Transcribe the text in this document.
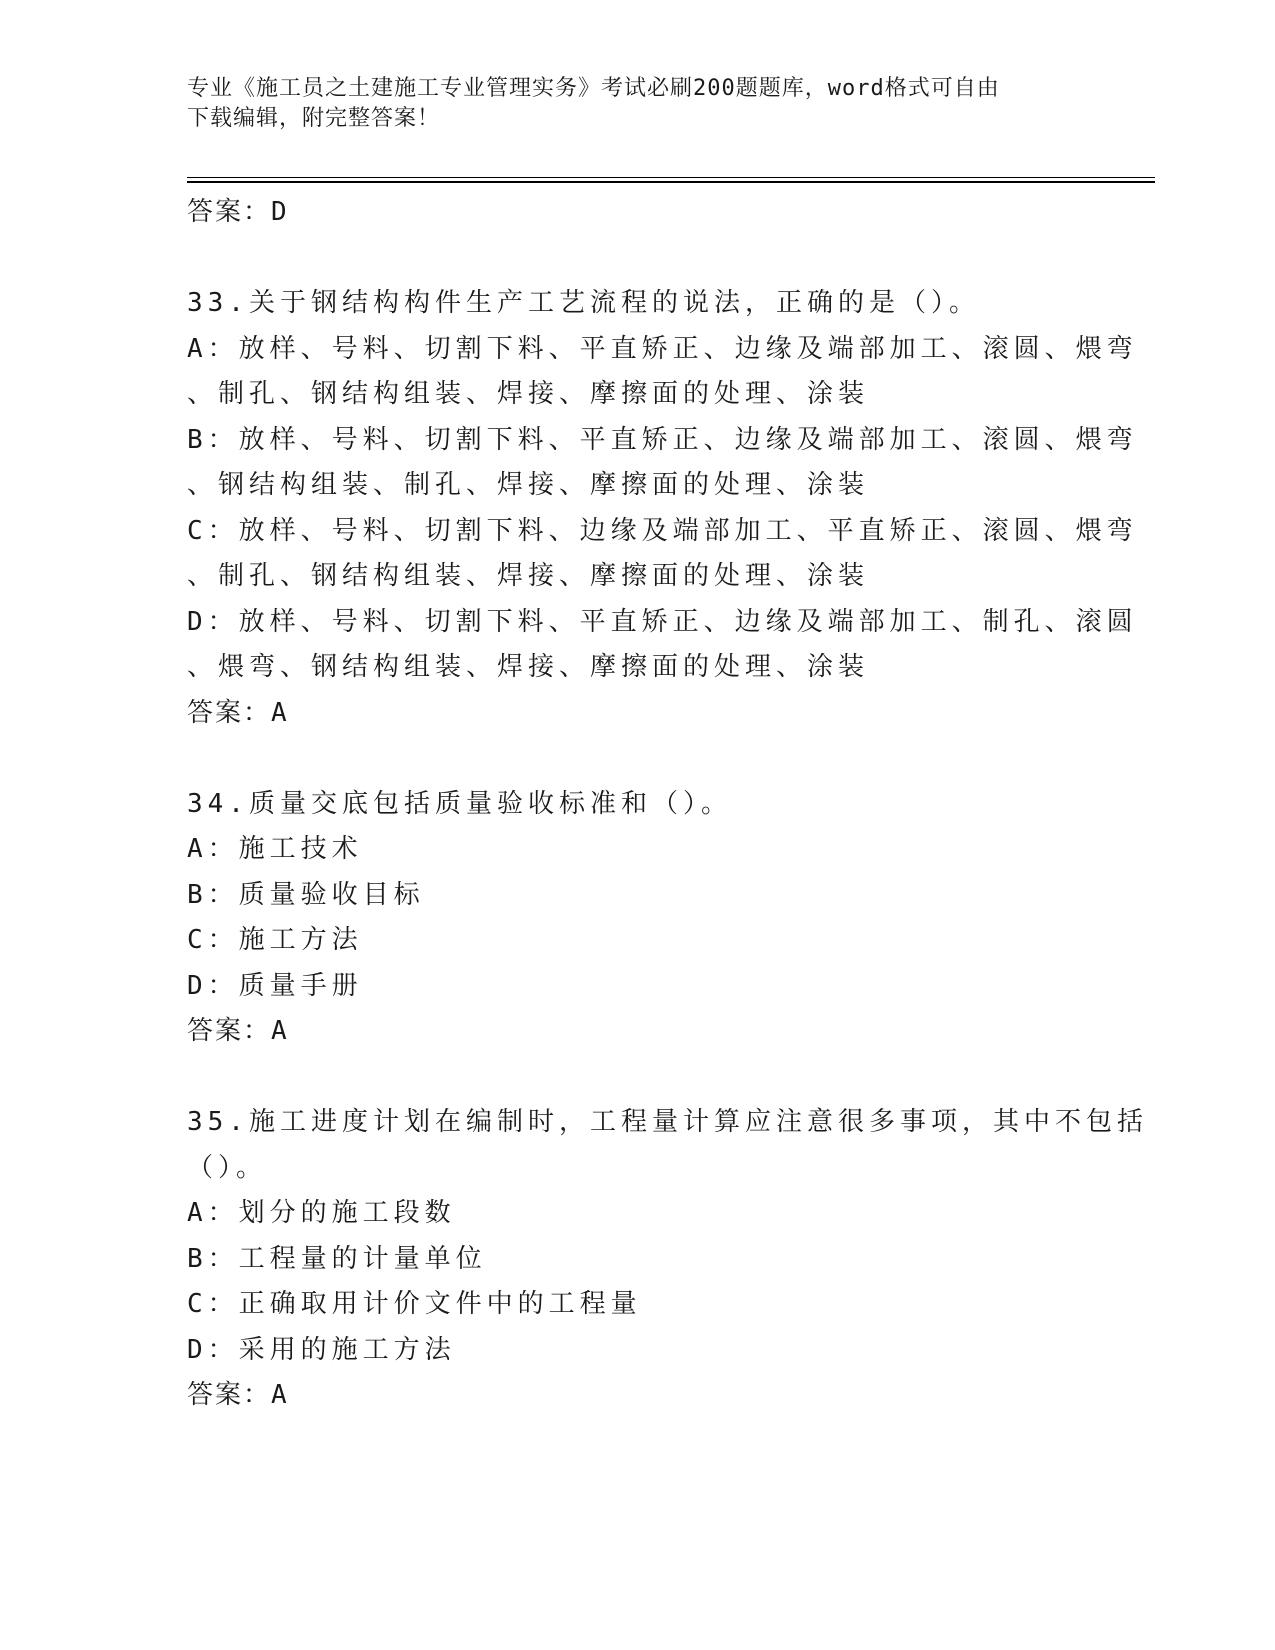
专业《施工员之土建施工专业管理实务》考试必刷200题题库，word格式可自由
下载编辑，附完整答案！
答案：D
33.关于钢结构构件生产工艺流程的说法，正确的是（）。
A：放样、号料、切割下料、平直矫正、边缘及端部加工、滚圆、煨弯
、制孔、钢结构组装、焊接、摩擦面的处理、涂装
B：放样、号料、切割下料、平直矫正、边缘及端部加工、滚圆、煨弯
、钢结构组装、制孔、焊接、摩擦面的处理、涂装
C：放样、号料、切割下料、边缘及端部加工、平直矫正、滚圆、煨弯
、制孔、钢结构组装、焊接、摩擦面的处理、涂装
D：放样、号料、切割下料、平直矫正、边缘及端部加工、制孔、滚圆
、煨弯、钢结构组装、焊接、摩擦面的处理、涂装
答案：A
34.质量交底包括质量验收标准和（）。
A：施工技术
B：质量验收目标
C：施工方法
D：质量手册
答案：A
35.施工进度计划在编制时，工程量计算应注意很多事项，其中不包括
（）。
A：划分的施工段数
B：工程量的计量单位
C：正确取用计价文件中的工程量
D：采用的施工方法
答案：A
